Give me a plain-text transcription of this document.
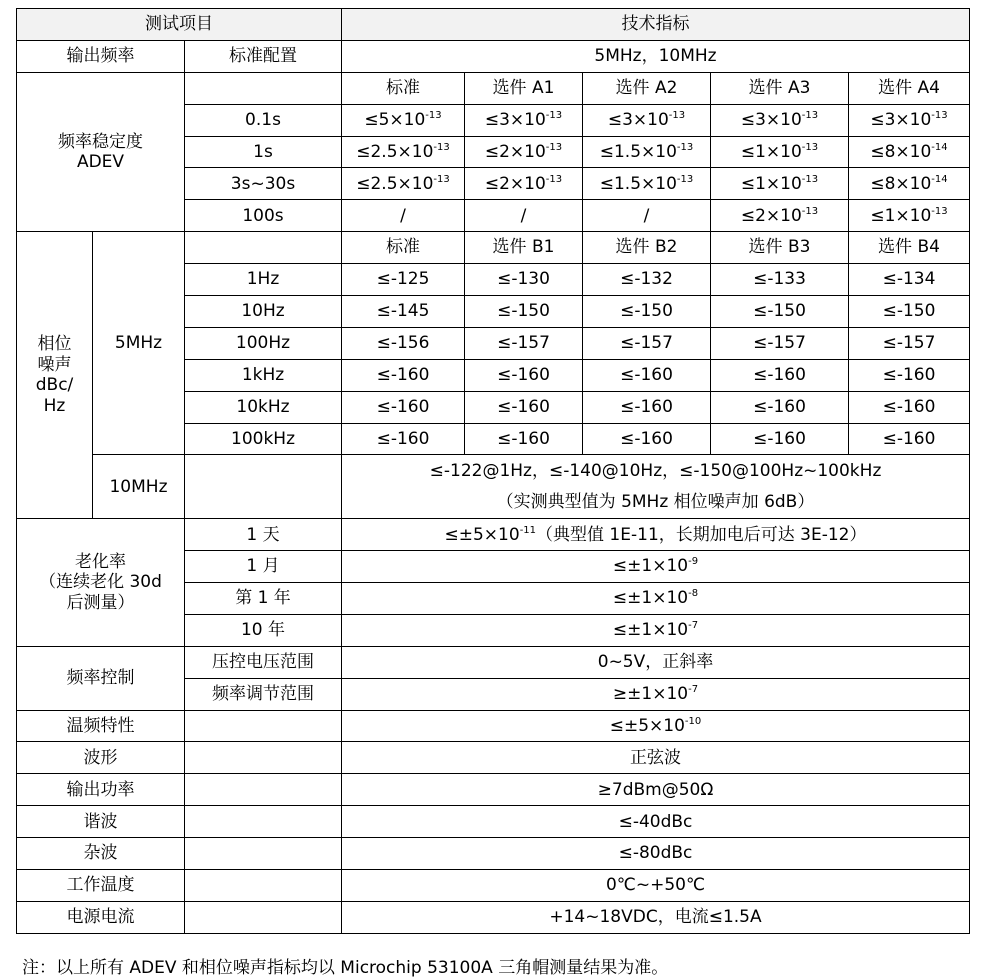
测试项目			技术指标				
输出频率		标准配置	5MHz，10MHz				
频率稳定度
ADEV			标准	选件 A1	选件 A2	选件 A3	选件 A4
		0.1s	$\le 5\times 10^{-13}$	$\le 3\times 10^{-13}$	$\le 3\times 10^{-13}$	$\le 3\times 10^{-13}$	$\le 3\times 10^{-13}$
		1s	$\le 2.5\times 10^{-13}$	$\le 2\times 10^{-13}$	$\le 1.5\times 10^{-13}$	$\le 1\times 10^{-13}$	$\le 8\times 10^{-14}$
		3s~30s	$\le 2.5\times 10^{-13}$	$\le 2\times 10^{-13}$	$\le 1.5\times 10^{-13}$	$\le 1\times 10^{-13}$	$\le 8\times 10^{-14}$
		100s	/	/	/	$\le 2\times 10^{-13}$	$\le 1\times 10^{-13}$
相位
噪声
dBc/
Hz	5MHz		标准	选件 B1	选件 B2	选件 B3	选件 B4
		1Hz	≤-125	≤-130	≤-132	≤-133	≤-134
		10Hz	≤-145	≤-150	≤-150	≤-150	≤-150
		100Hz	≤-156	≤-157	≤-157	≤-157	≤-157
		1kHz	≤-160	≤-160	≤-160	≤-160	≤-160
		10kHz	≤-160	≤-160	≤-160	≤-160	≤-160
		100kHz	≤-160	≤-160	≤-160	≤-160	≤-160
	10MHz		≤-122@1Hz，≤-140@10Hz，≤-150@100Hz~100kHz				
			（实测典型值为 5MHz 相位噪声加 6dB）				
老化率
（连续老化 30d
后测量）		1 天	$\le\pm 5\times 10^{-11}$（典型值 1E-11，长期加电后可达 3E-12）				
		1 月	$\le\pm 1\times 10^{-9}$
		第 1 年	$\le\pm 1\times 10^{-8}$
		10 年	$\le\pm 1\times 10^{-7}$
频率控制		压控电压范围	0~5V，正斜率				
		频率调节范围	$\ge\pm 1\times 10^{-7}$
温频特性			$\le\pm 5\times 10^{-10}$
波形			正弦波				
输出功率			≥7dBm@50Ω				
谐波			≤-40dBc				
杂波			≤-80dBc				
工作温度			0℃~+50℃				
电源电流			+14~18VDC，电流≤1.5A				
注：以上所有 ADEV 和相位噪声指标均以 Microchip 53100A 三角帽测量结果为准。
